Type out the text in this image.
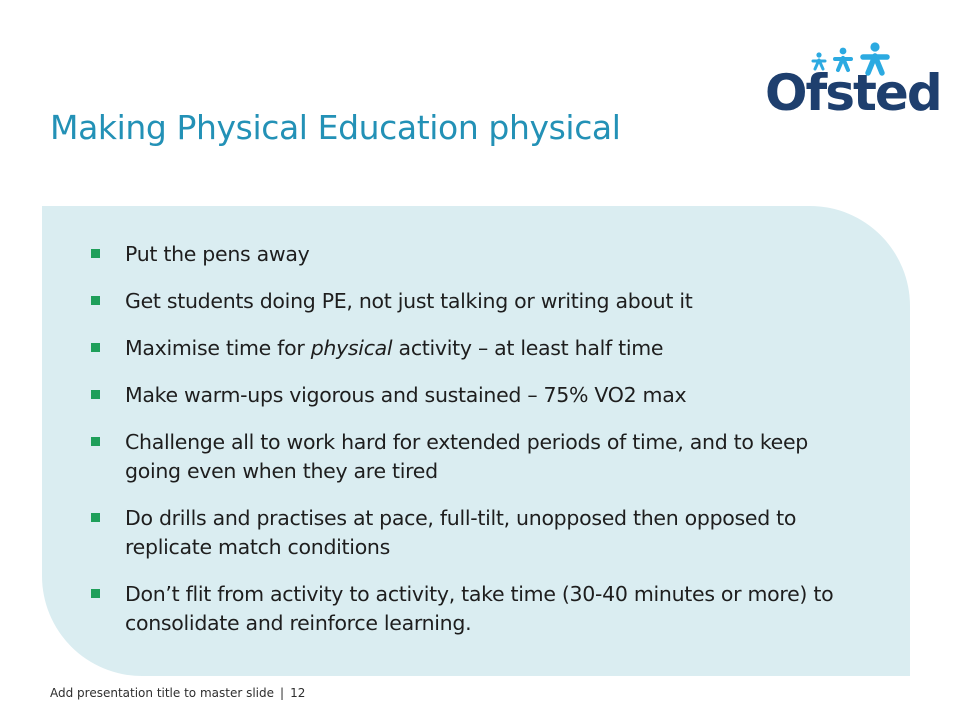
Ofsted
Making Physical Education physical
Put the pens away
Get students doing PE, not just talking or writing about it
Maximise time for physical activity – at least half time
Make warm-ups vigorous and sustained – 75% VO2 max
Challenge all to work hard for extended periods of time, and to keep going even when they are tired
Do drills and practises at pace, full-tilt, unopposed then opposed to replicate match conditions
Don’t flit from activity to activity, take time (30-40 minutes or more) to consolidate and reinforce learning.
Add presentation title to master slide | 12
